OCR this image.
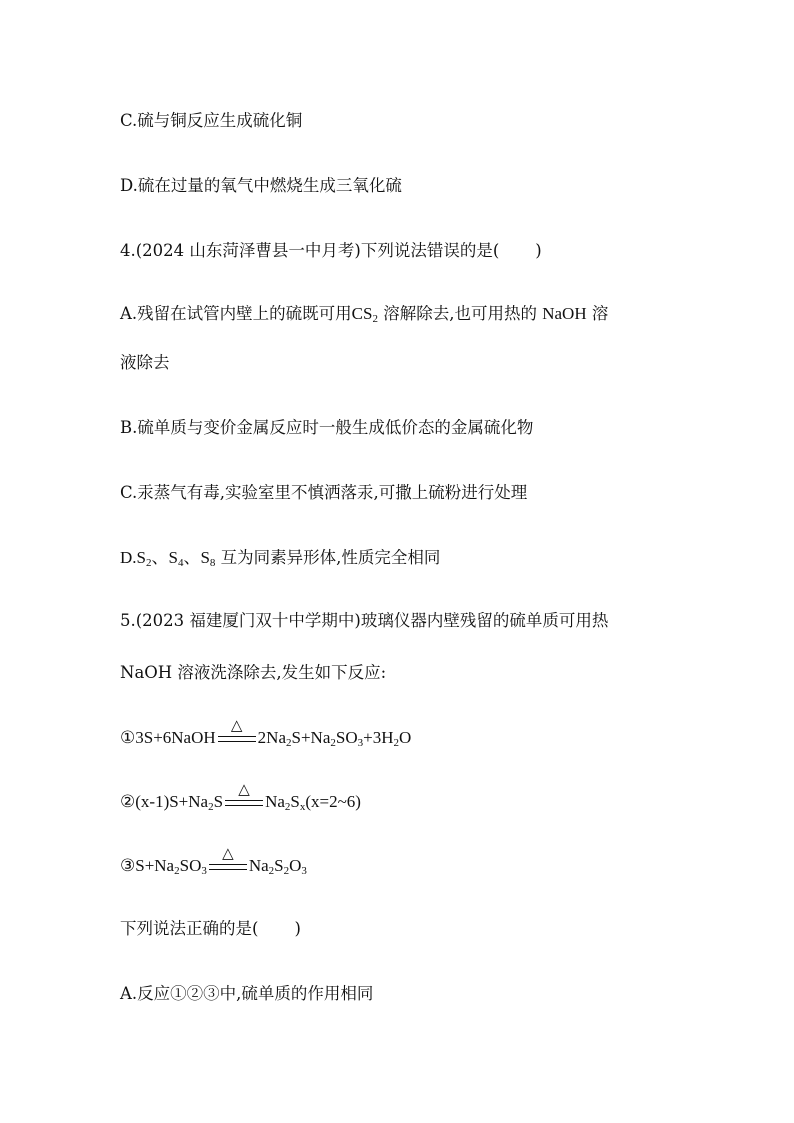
C.硫与铜反应生成硫化铜
D.硫在过量的氧气中燃烧生成三氧化硫
4.(2024 山东菏泽曹县一中月考)下列说法错误的是( )
A.残留在试管内壁上的硫既可用$CS_2$ 溶解除去,也可用热的 NaOH 溶
液除去
B.硫单质与变价金属反应时一般生成低价态的金属硫化物
C.汞蒸气有毒,实验室里不慎洒落汞,可撒上硫粉进行处理
$D.S_2$、$S_4$、$S_8$ 互为同素异形体,性质完全相同
5.(2023 福建厦门双十中学期中)玻璃仪器内壁残留的硫单质可用热
NaOH 溶液洗涤除去,发生如下反应:
①3S+6NaOH
△
$2Na_2S+Na_2SO_3+3H_2O$
$②(x-1)S+Na_2S$
△
$Na_2S_x(x=2\sim 6)$
$③S+Na_2SO_3$
△
$Na_2S_2O_3$
下列说法正确的是( )
A.反应①②③中,硫单质的作用相同
